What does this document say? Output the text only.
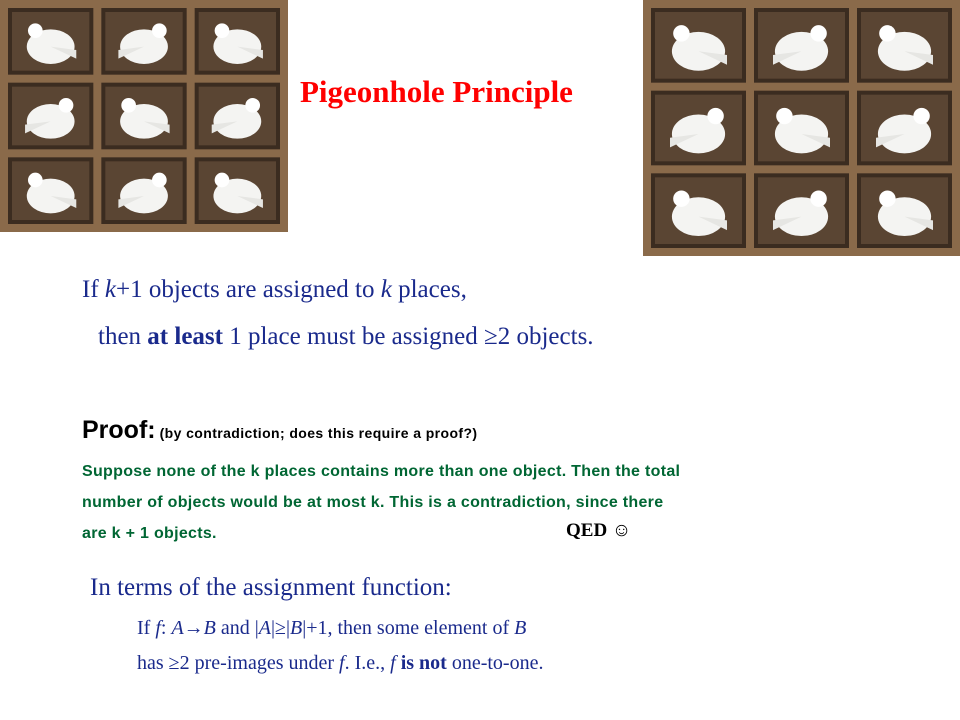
Pigeonhole Principle
If k+1 objects are assigned to k places,
then at least 1 place must be assigned ≥2 objects.
Proof: (by contradiction; does this require a proof?)
Suppose none of the k places contains more than one object. Then the total
number of objects would be at most k. This is a contradiction, since there
are k + 1 objects.	QED ☺
In terms of the assignment function:
If f: A→B and |A|≥|B|+1, then some element of B
has ≥2 pre-images under f. I.e., f is not one-to-one.
